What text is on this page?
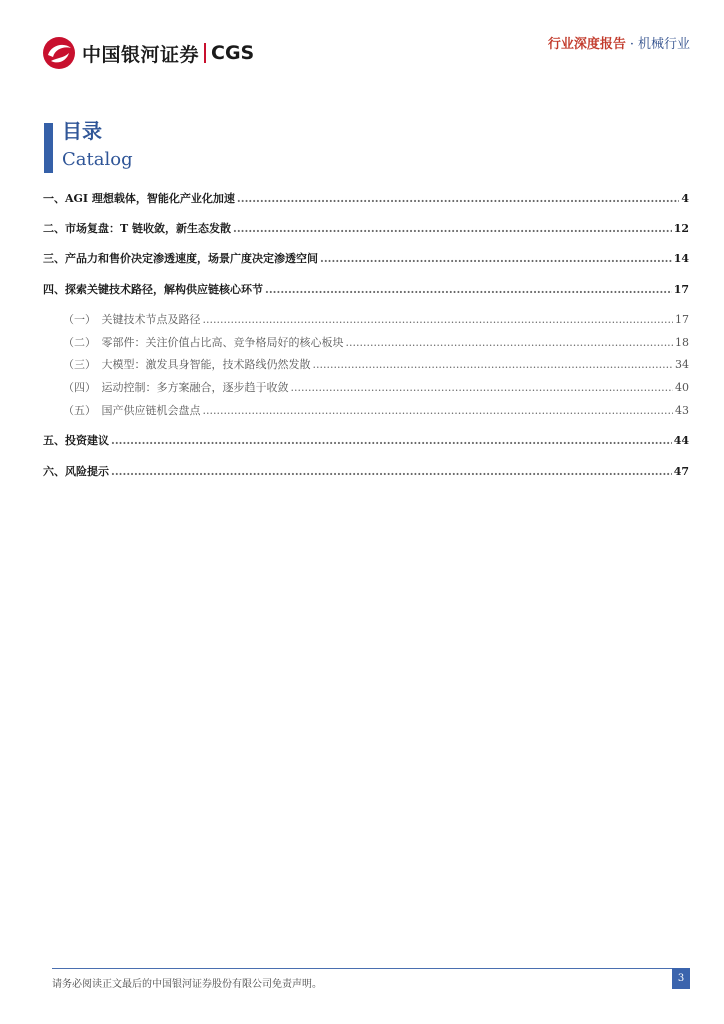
中国银河证券 CGS	行业深度报告 · 机械行业
目录
Catalog
一、AGI 理想载体，智能化产业化加速 .....	4
二、市场复盘：T 链收敛，新生态发散 .....	12
三、产品力和售价决定渗透速度，场景广度决定渗透空间 .....	14
四、探索关键技术路径，解构供应链核心环节 .....	17
（一）　关键技术节点及路径 .....	17
（二）　零部件：关注价值占比高、竞争格局好的核心板块 .....	18
（三）　大模型：激发具身智能，技术路线仍然发散 .....	34
（四）　运动控制：多方案融合，逐步趋于收敛 .....	40
（五）　国产供应链机会盘点 .....	43
五、投资建议 .....	44
六、风险提示 .....	47
请务必阅读正文最后的中国银河证券股份有限公司免责声明。
3
